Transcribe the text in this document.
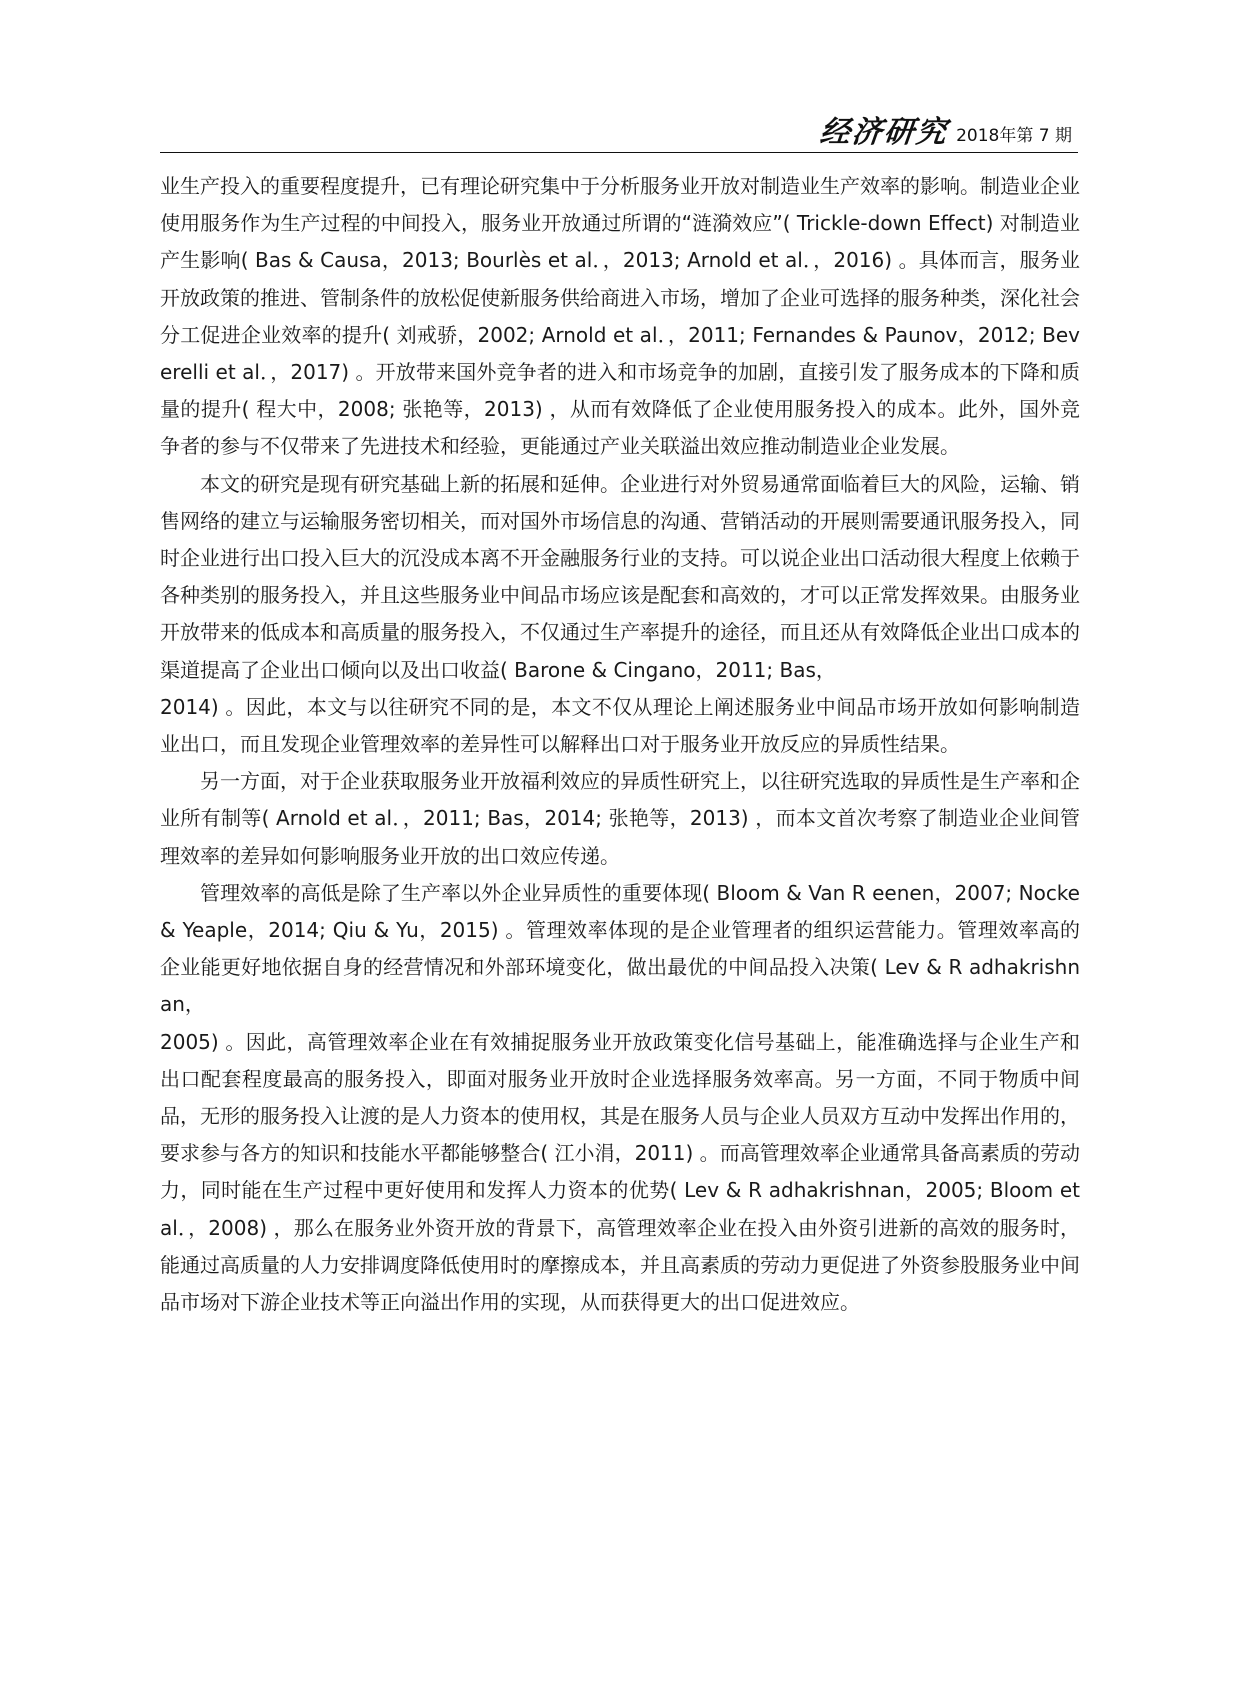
经济研究 2018年第 7 期

业生产投入的重要程度提升，已有理论研究集中于分析服务业开放对制造业生产效率的影响。制造业企业使用服务作为生产过程的中间投入，服务业开放通过所谓的“涟漪效应”( Trickle-down Effect) 对制造业产生影响( Bas & Causa，2013; Bourlès et al．，2013; Arnold et al．，2016) 。具体而言，服务业开放政策的推进、管制条件的放松促使新服务供给商进入市场，增加了企业可选择的服务种类，深化社会分工促进企业效率的提升( 刘戒骄，2002; Arnold et al．，2011; Fernandes & Paunov，2012; Beverelli et al．，2017) 。开放带来国外竞争者的进入和市场竞争的加剧，直接引发了服务成本的下降和质量的提升( 程大中，2008; 张艳等，2013) ，从而有效降低了企业使用服务投入的成本。此外，国外竞争者的参与不仅带来了先进技术和经验，更能通过产业关联溢出效应推动制造业企业发展。

本文的研究是现有研究基础上新的拓展和延伸。企业进行对外贸易通常面临着巨大的风险，运输、销售网络的建立与运输服务密切相关，而对国外市场信息的沟通、营销活动的开展则需要通讯服务投入，同时企业进行出口投入巨大的沉没成本离不开金融服务行业的支持。可以说企业出口活动很大程度上依赖于各种类别的服务投入，并且这些服务业中间品市场应该是配套和高效的，才可以正常发挥效果。由服务业开放带来的低成本和高质量的服务投入，不仅通过生产率提升的途径，而且还从有效降低企业出口成本的渠道提高了企业出口倾向以及出口收益( Barone & Cingano，2011; Bas，

2014) 。因此，本文与以往研究不同的是，本文不仅从理论上阐述服务业中间品市场开放如何影响制造业出口，而且发现企业管理效率的差异性可以解释出口对于服务业开放反应的异质性结果。

另一方面，对于企业获取服务业开放福利效应的异质性研究上，以往研究选取的异质性是生产率和企业所有制等( Arnold et al．，2011; Bas，2014; 张艳等，2013) ，而本文首次考察了制造业企业间管理效率的差异如何影响服务业开放的出口效应传递。

管理效率的高低是除了生产率以外企业异质性的重要体现( Bloom & Van R eenen，2007; Nocke & Yeaple，2014; Qiu & Yu，2015) 。管理效率体现的是企业管理者的组织运营能力。管理效率高的企业能更好地依据自身的经营情况和外部环境变化，做出最优的中间品投入决策( Lev & R adhakrishnan，

2005) 。因此，高管理效率企业在有效捕捉服务业开放政策变化信号基础上，能准确选择与企业生产和出口配套程度最高的服务投入，即面对服务业开放时企业选择服务效率高。另一方面，不同于物质中间品，无形的服务投入让渡的是人力资本的使用权，其是在服务人员与企业人员双方互动中发挥出作用的，要求参与各方的知识和技能水平都能够整合( 江小涓，2011) 。而高管理效率企业通常具备高素质的劳动力，同时能在生产过程中更好使用和发挥人力资本的优势( Lev & R adhakrishnan，2005; Bloom et al．，2008) ，那么在服务业外资开放的背景下，高管理效率企业在投入由外资引进新的高效的服务时，能通过高质量的人力安排调度降低使用时的摩擦成本，并且高素质的劳动力更促进了外资参股服务业中间品市场对下游企业技术等正向溢出作用的实现，从而获得更大的出口促进效应。
